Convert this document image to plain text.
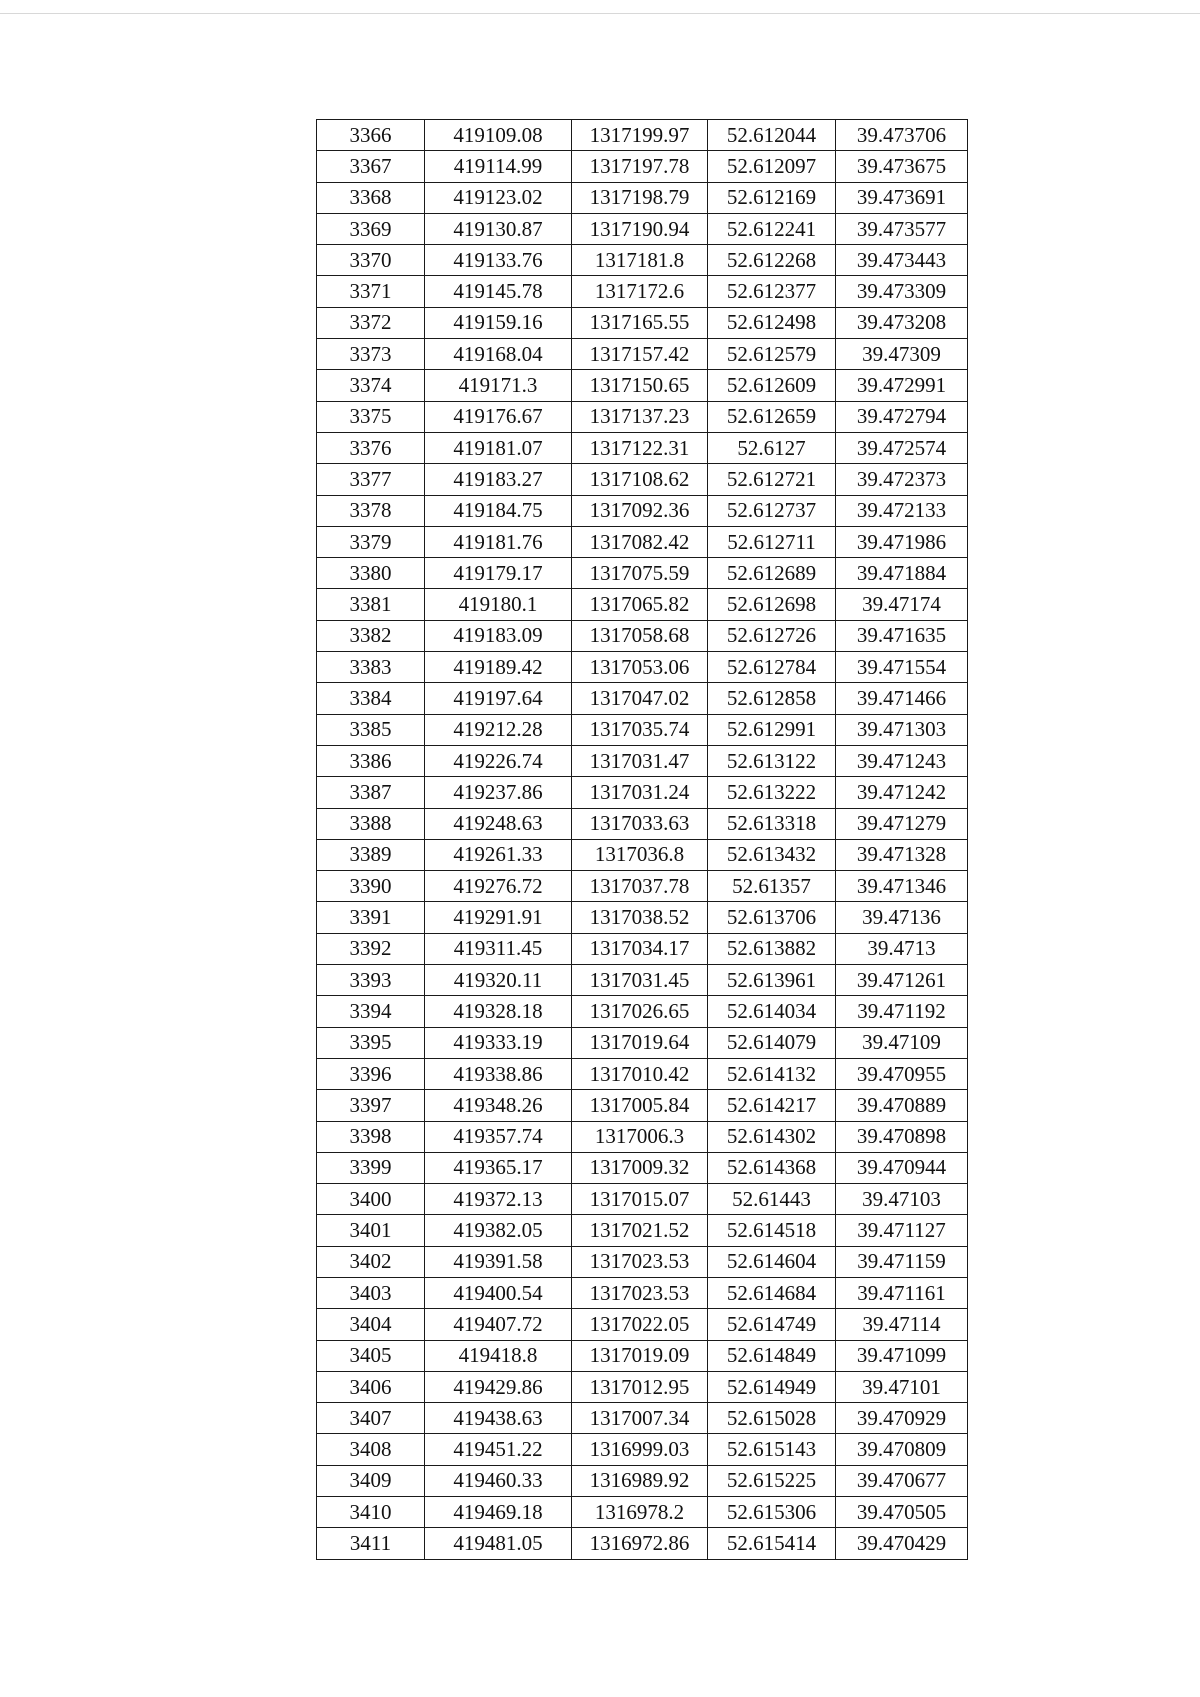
3366	419109.08	1317199.97	52.612044	39.473706
3367	419114.99	1317197.78	52.612097	39.473675
3368	419123.02	1317198.79	52.612169	39.473691
3369	419130.87	1317190.94	52.612241	39.473577
3370	419133.76	1317181.8	52.612268	39.473443
3371	419145.78	1317172.6	52.612377	39.473309
3372	419159.16	1317165.55	52.612498	39.473208
3373	419168.04	1317157.42	52.612579	39.47309
3374	419171.3	1317150.65	52.612609	39.472991
3375	419176.67	1317137.23	52.612659	39.472794
3376	419181.07	1317122.31	52.6127	39.472574
3377	419183.27	1317108.62	52.612721	39.472373
3378	419184.75	1317092.36	52.612737	39.472133
3379	419181.76	1317082.42	52.612711	39.471986
3380	419179.17	1317075.59	52.612689	39.471884
3381	419180.1	1317065.82	52.612698	39.47174
3382	419183.09	1317058.68	52.612726	39.471635
3383	419189.42	1317053.06	52.612784	39.471554
3384	419197.64	1317047.02	52.612858	39.471466
3385	419212.28	1317035.74	52.612991	39.471303
3386	419226.74	1317031.47	52.613122	39.471243
3387	419237.86	1317031.24	52.613222	39.471242
3388	419248.63	1317033.63	52.613318	39.471279
3389	419261.33	1317036.8	52.613432	39.471328
3390	419276.72	1317037.78	52.61357	39.471346
3391	419291.91	1317038.52	52.613706	39.47136
3392	419311.45	1317034.17	52.613882	39.4713
3393	419320.11	1317031.45	52.613961	39.471261
3394	419328.18	1317026.65	52.614034	39.471192
3395	419333.19	1317019.64	52.614079	39.47109
3396	419338.86	1317010.42	52.614132	39.470955
3397	419348.26	1317005.84	52.614217	39.470889
3398	419357.74	1317006.3	52.614302	39.470898
3399	419365.17	1317009.32	52.614368	39.470944
3400	419372.13	1317015.07	52.61443	39.47103
3401	419382.05	1317021.52	52.614518	39.471127
3402	419391.58	1317023.53	52.614604	39.471159
3403	419400.54	1317023.53	52.614684	39.471161
3404	419407.72	1317022.05	52.614749	39.47114
3405	419418.8	1317019.09	52.614849	39.471099
3406	419429.86	1317012.95	52.614949	39.47101
3407	419438.63	1317007.34	52.615028	39.470929
3408	419451.22	1316999.03	52.615143	39.470809
3409	419460.33	1316989.92	52.615225	39.470677
3410	419469.18	1316978.2	52.615306	39.470505
3411	419481.05	1316972.86	52.615414	39.470429
